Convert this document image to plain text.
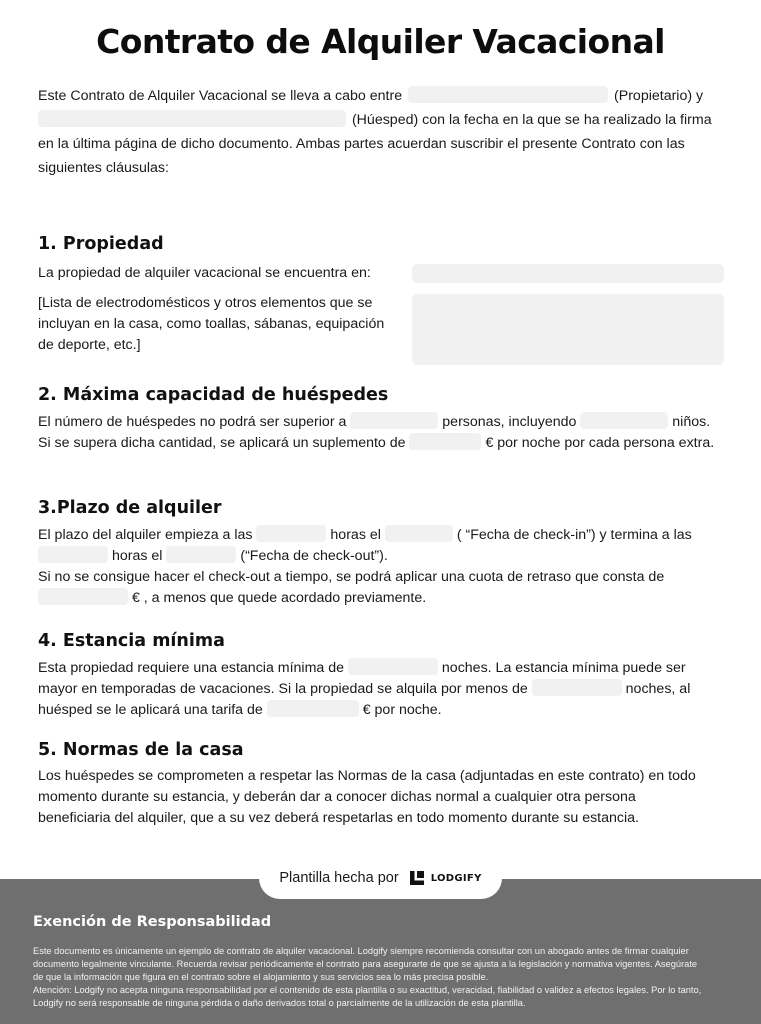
Contrato de Alquiler Vacacional

Este Contrato de Alquiler Vacacional se lleva a cabo entre	(Propietario) y

(Húesped) con la fecha en la que se ha realizado la firma

en la última página de dicho documento. Ambas partes acuerdan suscribir el presente Contrato con las

siguientes cláusulas:

1. Propiedad

La propiedad de alquiler vacacional se encuentra en:

[Lista de electrodomésticos y otros elementos que se

incluyan en la casa, como toallas, sábanas, equipación

de deporte, etc.]

2. Máxima capacidad de huéspedes

El número de huéspedes no podrá ser superior a	personas, incluyendo	niños.

Si se supera dicha cantidad, se aplicará un suplemento de	€ por noche por cada persona extra.

3.Plazo de alquiler

El plazo del alquiler empieza a las	horas el	( “Fecha de check-in”) y termina a las

horas el	(“Fecha de check-out”).

Si no se consigue hacer el check-out a tiempo, se podrá aplicar una cuota de retraso que consta de

€ , a menos que quede acordado previamente.

4. Estancia mínima

Esta propiedad requiere una estancia mínima de	noches. La estancia mínima puede ser

mayor en temporadas de vacaciones. Si la propiedad se alquila por menos de	noches, al

huésped se le aplicará una tarifa de	€ por noche.

5. Normas de la casa

Los huéspedes se comprometen a respetar las Normas de la casa (adjuntadas en este contrato) en todo

momento durante su estancia, y deberán dar a conocer dichas normal a cualquier otra persona

beneficiaria del alquiler, que a su vez deberá respetarlas en todo momento durante su estancia.

Plantilla hecha por	LODGIFY
Exención de Responsabilidad

Este documento es únicamente un ejemplo de contrato de alquiler vacacional. Lodgify siempre recomienda consultar con un abogado antes de firmar cualquier

documento legalmente vinculante. Recuerda revisar periódicamente el contrato para asegurarte de que se ajusta a la legislación y normativa vigentes. Asegúrate

de que la información que figura en el contrato sobre el alojamiento y sus servicios sea lo más precisa posible.

Atención: Lodgify no acepta ninguna responsabilidad por el contenido de esta plantilla o su exactitud, veracidad, fiabilidad o validez a efectos legales. Por lo tanto,

Lodgify no será responsable de ninguna pérdida o daño derivados total o parcialmente de la utilización de esta plantilla.
